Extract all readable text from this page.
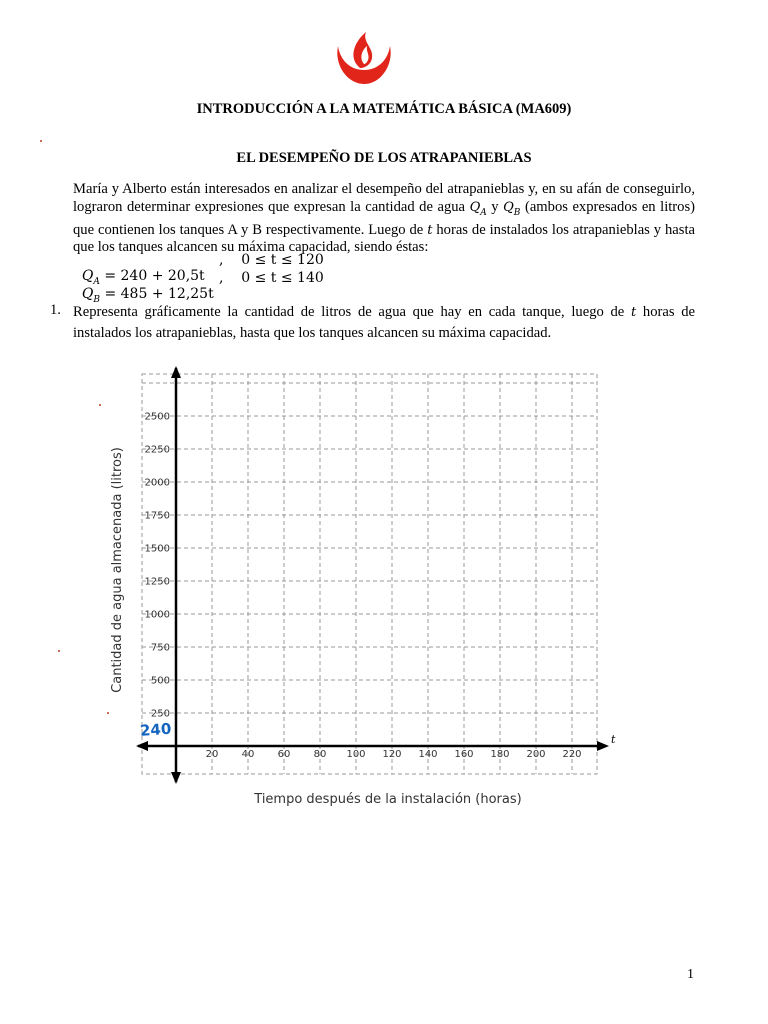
INTRODUCCIÓN A LA MATEMÁTICA BÁSICA (MA609)
EL DESEMPEÑO DE LOS ATRAPANIEBLAS
María y Alberto están interesados en analizar el desempeño del atrapanieblas y, en su afán de conseguirlo, lograron determinar expresiones que expresan la cantidad de agua $Q_A$ y $Q_B$ (ambos expresados en litros) que contienen los tanques A y B respectivamente. Luego de t horas de instalados los atrapanieblas y hasta que los tanques alcancen su máxima capacidad, siendo éstas:

$Q_A = 240 + 20,5t$
, 0 ≤ t ≤ 120

$Q_B = 485 + 12,25t$
, 0 ≤ t ≤ 140

1. Representa gráficamente la cantidad de litros de agua que hay en cada tanque, luego de t horas de instalados los atrapanieblas, hasta que los tanques alcancen su máxima capacidad.
20 40 60 80 100 120 140 160 180 200 220
250
500
750
1000
1250
1500
1750
2000
2250
2500
Tiempo después de la instalación (horas)
Cantidad de agua almacenada (litros)
t
240
1
